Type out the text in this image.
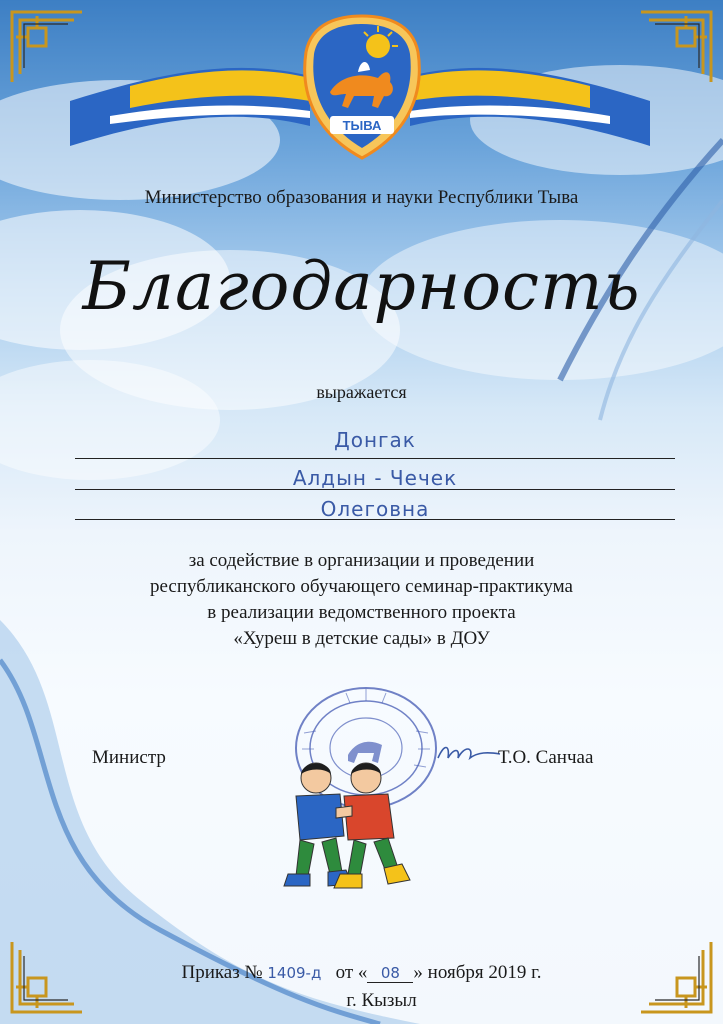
ТЫВА
Министерство образования и науки Республики Тыва
Благодарность
выражается
Донгак
Алдын - Чечек
Олеговна
за содействие в организации и проведении
республиканского обучающего семинар-практикума
в реализации ведомственного проекта
«Хуреш в детские сады» в ДОУ
Министр	Т.О. Санчаа
Приказ № 1409-д от « 08 » ноября 2019 г.
г. Кызыл
